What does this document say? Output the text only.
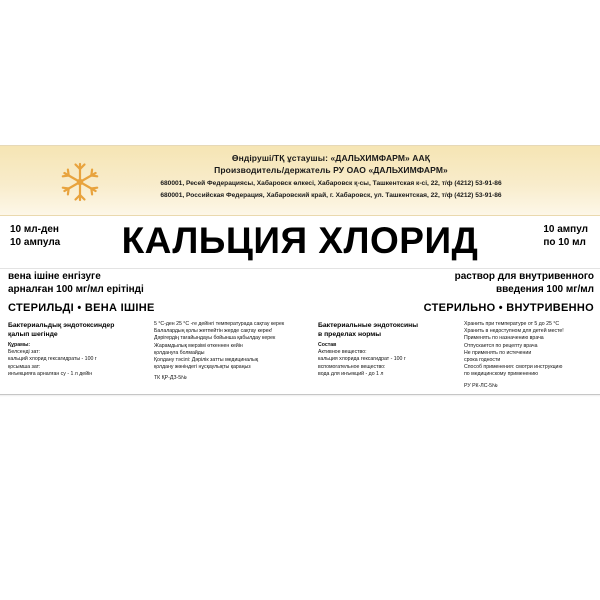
Өндіруші/ТҚ ұстаушы: «ДАЛЬХИМФАРМ» ААҚ
Производитель/держатель РУ ОАО «ДАЛЬХИМФАРМ»
680001, Ресей Федерациясы, Хабаровск өлкесі, Хабаровск қ-сы, Ташкентская к-сі, 22, т/ф (4212) 53-91-86
680001, Российская Федерация, Хабаровский край, г. Хабаровск, ул. Ташкентская, 22, т/ф (4212) 53-91-86
10 мл-ден
10 ампула	КАЛЬЦИЯ ХЛОРИД	10 ампул
по 10 мл
вена ішіне енгізуге
арналған 100 мг/мл ерітінді
СТЕРИЛЬДІ • ВЕНА ІШІНЕ
раствор для внутривенного
введения 100 мг/мл
СТЕРИЛЬНО • ВНУТРИВЕННО
Бактериальдық эндотоксиндер
қалып шегінде
Құрамы:
Белсенді зат:
кальций хлорид гексагидраты - 100 г
қосымша зат:
инъекцияға арналған су - 1 л дейін
5 °С-ден 25 °С -ге дейінгі температурада сақтау керек
Балалардың қолы жетпейтін жерде сақтау керек!
Дәрігердің тағайындауы бойынша қабылдау керек
Жарамдылық мерзімі өткеннен кейін
қолдануға болмайды
Қолдану тәсілі: Дәрілік затты медициналық
қолдану жөніндегі нұсқаулықты қараңыз
ТК ҚР-ДЗ-5№
Бактериальные эндотоксины
в пределах нормы
Состав
Активное вещество:
кальция хлорида гексагидрат - 100 г
вспомогательное вещество:
вода для инъекций - до 1 л
Хранить при температуре от 5 до 25 °С
Хранить в недоступном для детей месте!
Применять по назначению врача
Отпускается по рецепту врача
Не применять по истечении
срока годности
Способ применения: смотри инструкцию
по медицинскому применению
РУ РК-ЛС-5№
